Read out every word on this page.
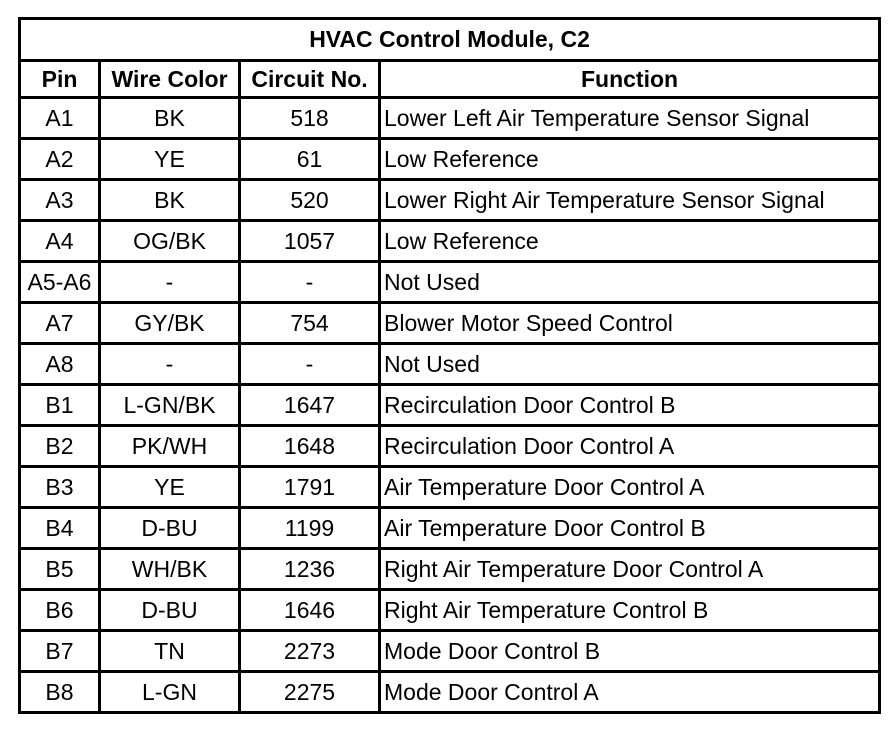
HVAC Control Module, C2			
Pin	Wire Color	Circuit No.	Function
A1	BK	518	Lower Left Air Temperature Sensor Signal
A2	YE	61	Low Reference
A3	BK	520	Lower Right Air Temperature Sensor Signal
A4	OG/BK	1057	Low Reference
A5-A6	-	-	Not Used
A7	GY/BK	754	Blower Motor Speed Control
A8	-	-	Not Used
B1	L-GN/BK	1647	Recirculation Door Control B
B2	PK/WH	1648	Recirculation Door Control A
B3	YE	1791	Air Temperature Door Control A
B4	D-BU	1199	Air Temperature Door Control B
B5	WH/BK	1236	Right Air Temperature Door Control A
B6	D-BU	1646	Right Air Temperature Control B
B7	TN	2273	Mode Door Control B
B8	L-GN	2275	Mode Door Control A
